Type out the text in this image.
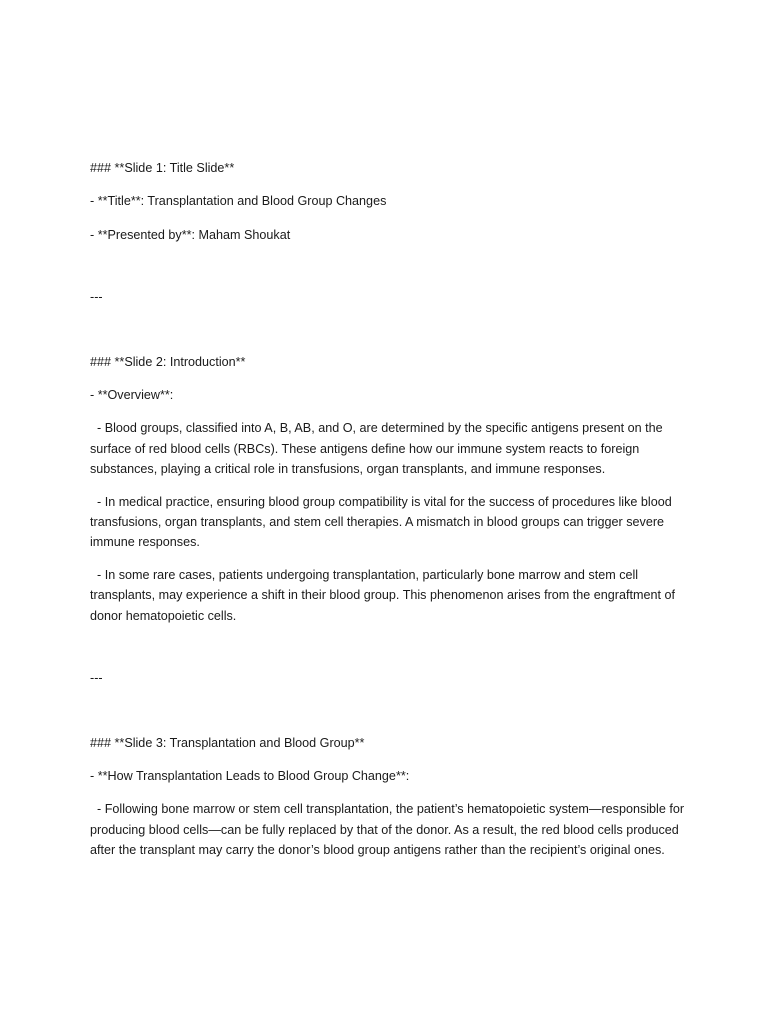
### **Slide 1: Title Slide**

- **Title**: Transplantation and Blood Group Changes

- **Presented by**: Maham Shoukat

---

### **Slide 2: Introduction**

- **Overview**:

- Blood groups, classified into A, B, AB, and O, are determined by the specific antigens present on the surface of red blood cells (RBCs). These antigens define how our immune system reacts to foreign substances, playing a critical role in transfusions, organ transplants, and immune responses.

- In medical practice, ensuring blood group compatibility is vital for the success of procedures like blood transfusions, organ transplants, and stem cell therapies. A mismatch in blood groups can trigger severe immune responses.

- In some rare cases, patients undergoing transplantation, particularly bone marrow and stem cell transplants, may experience a shift in their blood group. This phenomenon arises from the engraftment of donor hematopoietic cells.

---

### **Slide 3: Transplantation and Blood Group**

- **How Transplantation Leads to Blood Group Change**:

- Following bone marrow or stem cell transplantation, the patient’s hematopoietic system—responsible for producing blood cells—can be fully replaced by that of the donor. As a result, the red blood cells produced after the transplant may carry the donor’s blood group antigens rather than the recipient’s original ones.
